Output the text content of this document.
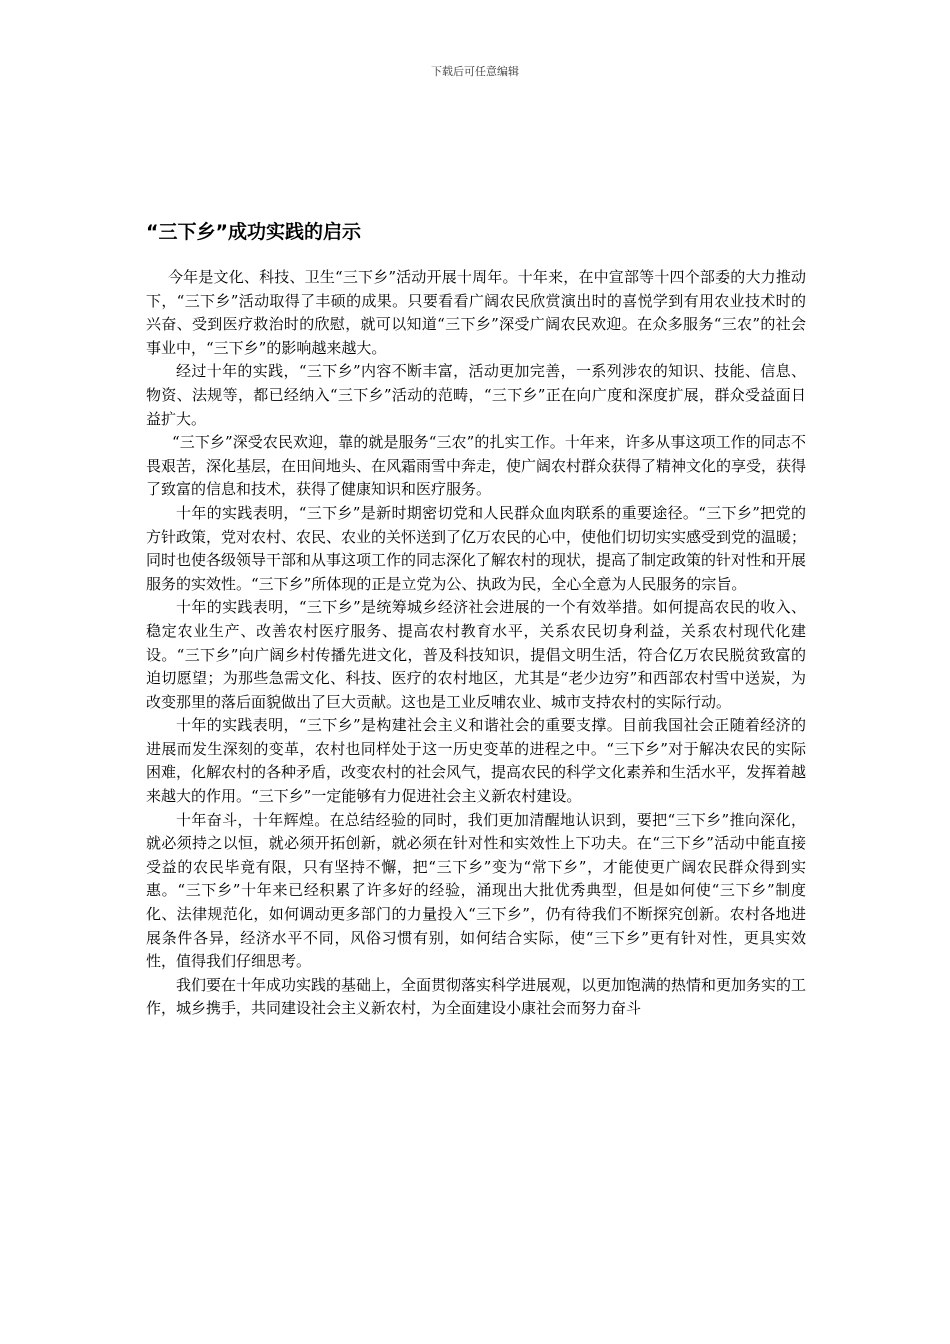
下载后可任意编辑
“三下乡”成功实践的启示

今年是文化、科技、卫生“三下乡”活动开展十周年。十年来，在中宣部等十四个部委的大力推动下，“三下乡”活动取得了丰硕的成果。只要看看广阔农民欣赏演出时的喜悦学到有用农业技术时的兴奋、受到医疗救治时的欣慰，就可以知道“三下乡”深受广阔农民欢迎。在众多服务“三农”的社会事业中，“三下乡”的影响越来越大。

经过十年的实践，“三下乡”内容不断丰富，活动更加完善，一系列涉农的知识、技能、信息、物资、法规等，都已经纳入“三下乡”活动的范畴，“三下乡”正在向广度和深度扩展，群众受益面日益扩大。

“三下乡”深受农民欢迎，靠的就是服务“三农”的扎实工作。十年来，许多从事这项工作的同志不畏艰苦，深化基层，在田间地头、在风霜雨雪中奔走，使广阔农村群众获得了精神文化的享受，获得了致富的信息和技术，获得了健康知识和医疗服务。

十年的实践表明，“三下乡”是新时期密切党和人民群众血肉联系的重要途径。“三下乡”把党的方针政策，党对农村、农民、农业的关怀送到了亿万农民的心中，使他们切切实实感受到党的温暖；同时也使各级领导干部和从事这项工作的同志深化了解农村的现状，提高了制定政策的针对性和开展服务的实效性。“三下乡”所体现的正是立党为公、执政为民，全心全意为人民服务的宗旨。

十年的实践表明，“三下乡”是统筹城乡经济社会进展的一个有效举措。如何提高农民的收入、稳定农业生产、改善农村医疗服务、提高农村教育水平，关系农民切身利益，关系农村现代化建设。“三下乡”向广阔乡村传播先进文化，普及科技知识，提倡文明生活，符合亿万农民脱贫致富的迫切愿望；为那些急需文化、科技、医疗的农村地区，尤其是“老少边穷”和西部农村雪中送炭，为改变那里的落后面貌做出了巨大贡献。这也是工业反哺农业、城市支持农村的实际行动。

十年的实践表明，“三下乡”是构建社会主义和谐社会的重要支撑。目前我国社会正随着经济的进展而发生深刻的变革，农村也同样处于这一历史变革的进程之中。“三下乡”对于解决农民的实际困难，化解农村的各种矛盾，改变农村的社会风气，提高农民的科学文化素养和生活水平，发挥着越来越大的作用。“三下乡”一定能够有力促进社会主义新农村建设。

十年奋斗，十年辉煌。在总结经验的同时，我们更加清醒地认识到，要把“三下乡”推向深化，就必须持之以恒，就必须开拓创新，就必须在针对性和实效性上下功夫。在“三下乡”活动中能直接受益的农民毕竟有限，只有坚持不懈，把“三下乡”变为“常下乡”，才能使更广阔农民群众得到实惠。“三下乡”十年来已经积累了许多好的经验，涌现出大批优秀典型，但是如何使“三下乡”制度化、法律规范化，如何调动更多部门的力量投入“三下乡”，仍有待我们不断探究创新。农村各地进展条件各异，经济水平不同，风俗习惯有别，如何结合实际，使“三下乡”更有针对性，更具实效性，值得我们仔细思考。

我们要在十年成功实践的基础上，全面贯彻落实科学进展观，以更加饱满的热情和更加务实的工作，城乡携手，共同建设社会主义新农村，为全面建设小康社会而努力奋斗
